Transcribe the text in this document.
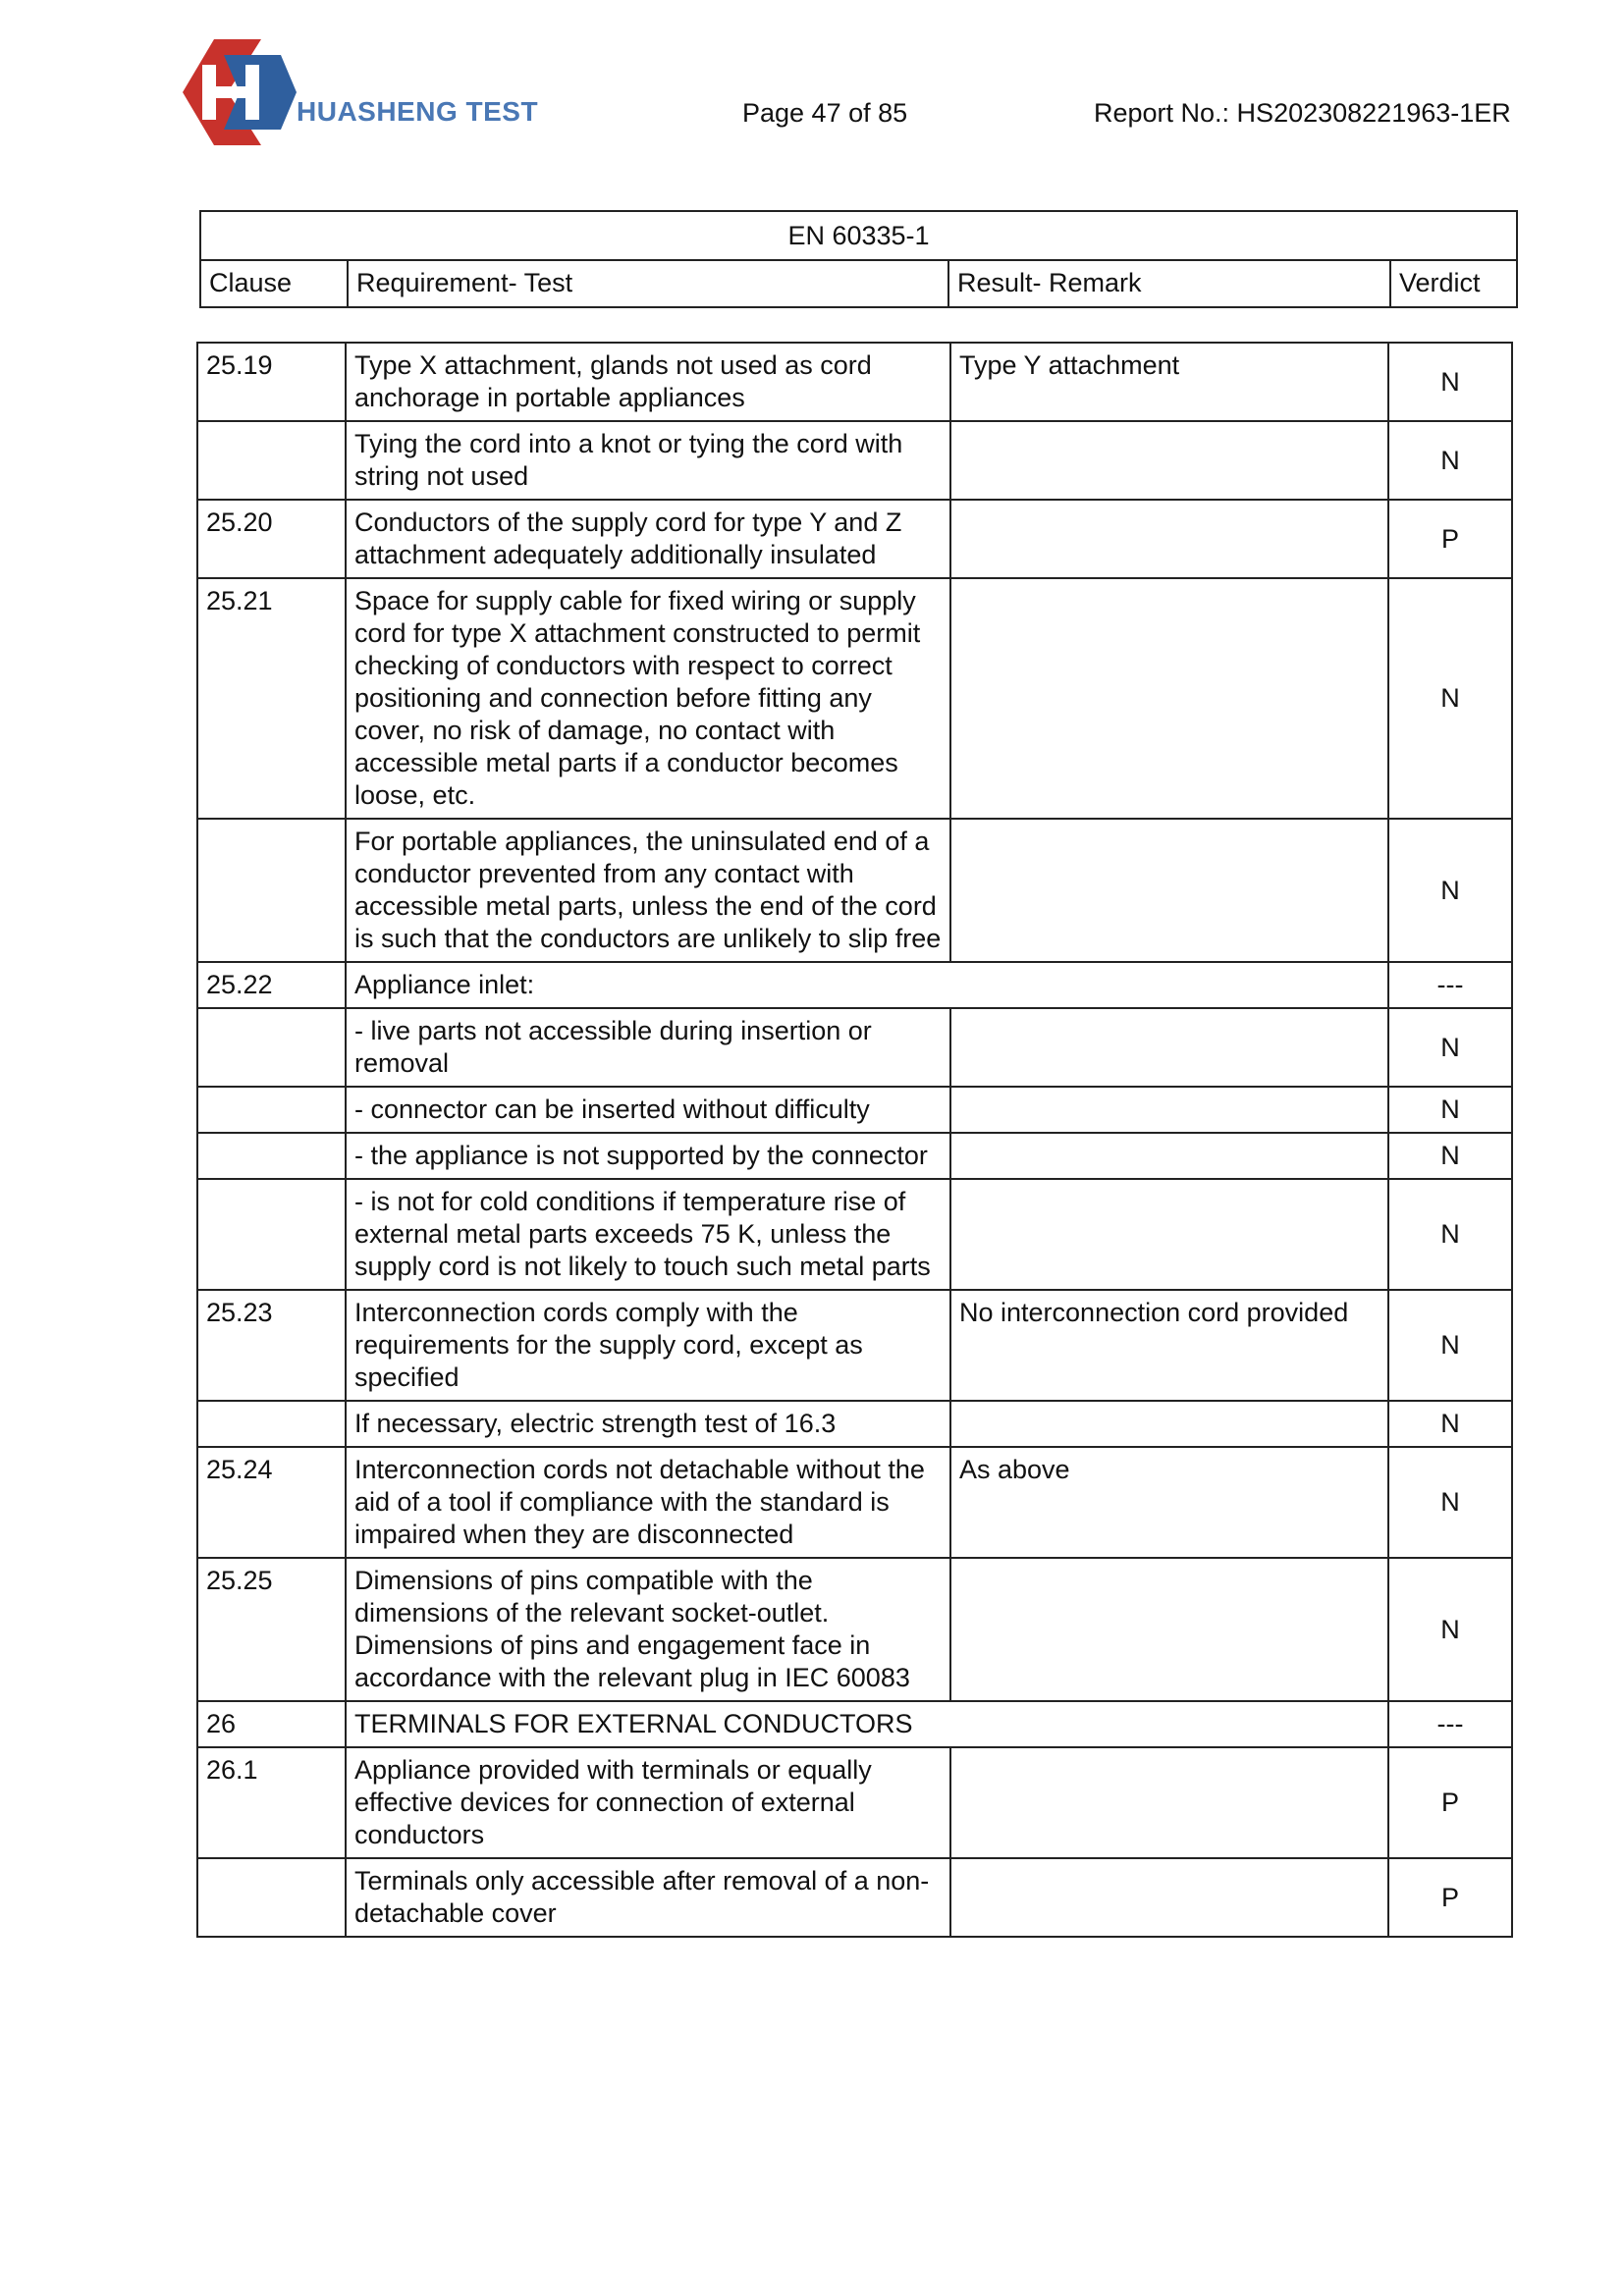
HUASHENG TEST	Page 47 of 85	Report No.: HS202308221963-1ER
EN 60335-1
Clause	Requirement- Test	Result- Remark	Verdict
25.19	Type X attachment, glands not used as cord anchorage in portable appliances	Type Y attachment	N
	Tying the cord into a knot or tying the cord with string not used		N
25.20	Conductors of the supply cord for type Y and Z attachment adequately additionally insulated		P
25.21	Space for supply cable for fixed wiring or supply cord for type X attachment constructed to permit checking of conductors with respect to correct positioning and connection before fitting any cover, no risk of damage, no contact with accessible metal parts if a conductor becomes loose, etc.		N
	For portable appliances, the uninsulated end of a conductor prevented from any contact with accessible metal parts, unless the end of the cord is such that the conductors are unlikely to slip free		N
25.22	Appliance inlet:		---
	- live parts not accessible during insertion or removal		N
	- connector can be inserted without difficulty		N
	- the appliance is not supported by the connector		N
	- is not for cold conditions if temperature rise of external metal parts exceeds 75 K, unless the supply cord is not likely to touch such metal parts		N
25.23	Interconnection cords comply with the requirements for the supply cord, except as specified	No interconnection cord provided	N
	If necessary, electric strength test of 16.3		N
25.24	Interconnection cords not detachable without the aid of a tool if compliance with the standard is impaired when they are disconnected	As above	N
25.25	Dimensions of pins compatible with the dimensions of the relevant socket-outlet. Dimensions of pins and engagement face in accordance with the relevant plug in IEC 60083		N
26	TERMINALS FOR EXTERNAL CONDUCTORS		---
26.1	Appliance provided with terminals or equally effective devices for connection of external conductors		P
	Terminals only accessible after removal of a non-detachable cover		P
